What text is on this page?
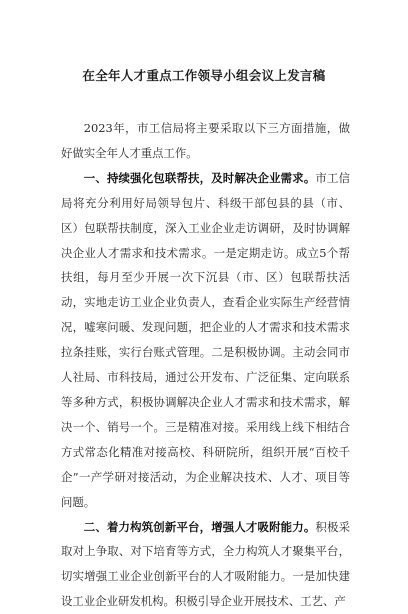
在全年人才重点工作领导小组会议上发言稿

2023年，市工信局将主要采取以下三方面措施，做好做实全年人才重点工作。

一、持续强化包联帮扶，及时解决企业需求。市工信局将充分利用好局领导包片、科级干部包县的县（市、区）包联帮扶制度，深入工业企业走访调研，及时协调解决企业人才需求和技术需求。一是定期走访。成立5个帮扶组，每月至少开展一次下沉县（市、区）包联帮扶活动，实地走访工业企业负责人，查看企业实际生产经营情况，嘘寒问暖、发现问题，把企业的人才需求和技术需求拉条挂账，实行台账式管理。二是积极协调。主动会同市人社局、市科技局，通过公开发布、广泛征集、定向联系等多种方式，积极协调解决企业人才需求和技术需求，解决一个、销号一个。三是精准对接。采用线上线下相结合方式常态化精准对接高校、科研院所，组织开展“百校千企”一产学研对接活动，为企业解决技术、人才、项目等问题。

二、着力构筑创新平台，增强人才吸附能力。积极采取对上争取、对下培育等方式，全力构筑人才聚集平台，切实增强工业企业创新平台的人才吸附能力。一是加快建设工业企业研发机构。积极引导企业开展技术、工艺、产
